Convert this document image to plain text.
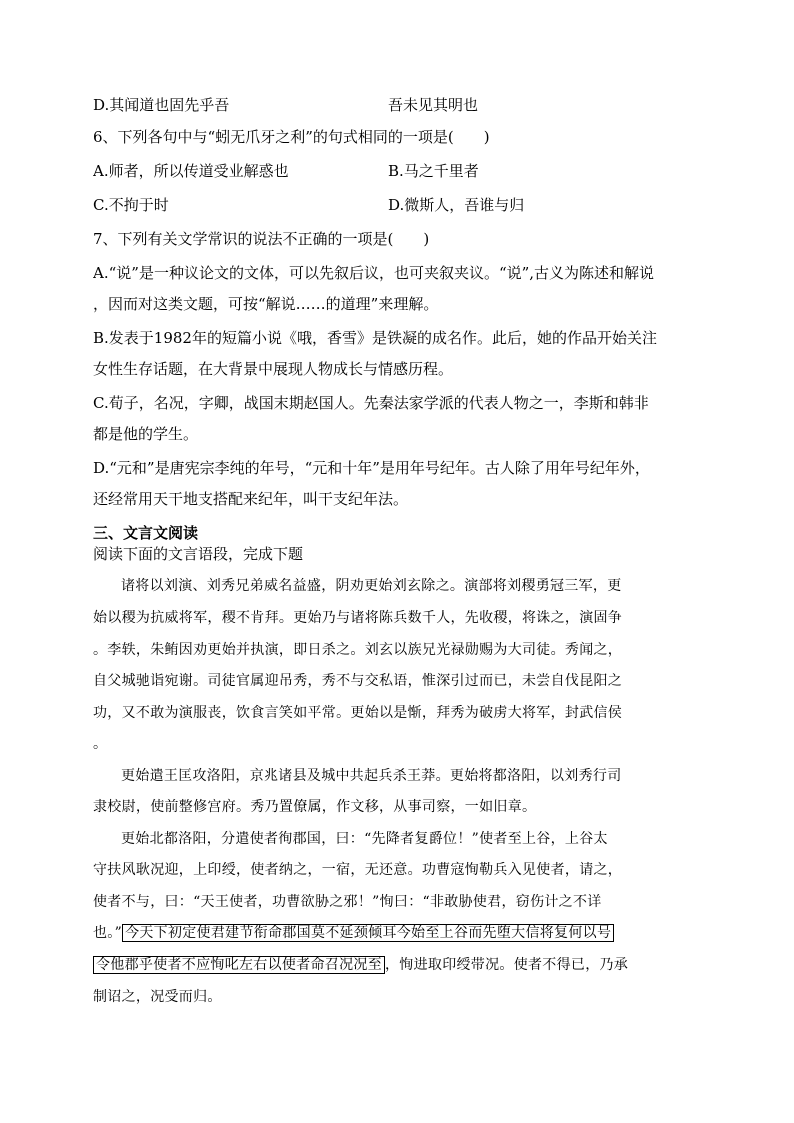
D.其闻道也固先乎吾	吾未见其明也
6、下列各句中与“蚓无爪牙之利”的句式相同的一项是(　　)
A.师者，所以传道受业解惑也	B.马之千里者
C.不拘于时	D.微斯人，吾谁与归
7、下列有关文学常识的说法不正确的一项是(　　)
A.“说”是一种议论文的文体，可以先叙后议，也可夹叙夹议。“说”,古义为陈述和解说
，因而对这类文题，可按“解说……的道理”来理解。
B.发表于1982年的短篇小说《哦，香雪》是铁凝的成名作。此后，她的作品开始关注
女性生存话题，在大背景中展现人物成长与情感历程。
C.荀子，名况，字卿，战国末期赵国人。先秦法家学派的代表人物之一，李斯和韩非
都是他的学生。
D.“元和”是唐宪宗李纯的年号，“元和十年”是用年号纪年。古人除了用年号纪年外，
还经常用天干地支搭配来纪年，叫干支纪年法。
三、文言文阅读
阅读下面的文言语段，完成下题
诸将以刘演、刘秀兄弟威名益盛，阴劝更始刘玄除之。演部将刘稷勇冠三军，更
始以稷为抗威将军，稷不肯拜。更始乃与诸将陈兵数千人，先收稷，将诛之，演固争
。李轶，朱鲔因劝更始并执演，即日杀之。刘玄以族兄光禄勋赐为大司徒。秀闻之，
自父城驰诣宛谢。司徒官属迎吊秀，秀不与交私语，惟深引过而已，未尝自伐昆阳之
功，又不敢为演服丧，饮食言笑如平常。更始以是惭，拜秀为破虏大将军，封武信侯
。
更始遣王匡攻洛阳，京兆诸县及城中共起兵杀王莽。更始将都洛阳，以刘秀行司
隶校尉，使前整修宫府。秀乃置僚属，作文移，从事司察，一如旧章。
更始北都洛阳，分遣使者徇郡国，曰：“先降者复爵位！”使者至上谷，上谷太
守扶风耿况迎，上印绶，使者纳之，一宿，无还意。功曹寇恂勒兵入见使者，请之，
使者不与，曰：“天王使者，功曹欲胁之邪！”恂曰：“非敢胁使君，窃伤计之不详
也。” 今天下初定使君建节衔命郡国莫不延颈倾耳今始至上谷而先堕大信将复何以号
令他郡乎使者不应恂叱左右以使者命召况况至 ，恂进取印绶带况。使者不得已，乃承
制诏之，况受而归。
